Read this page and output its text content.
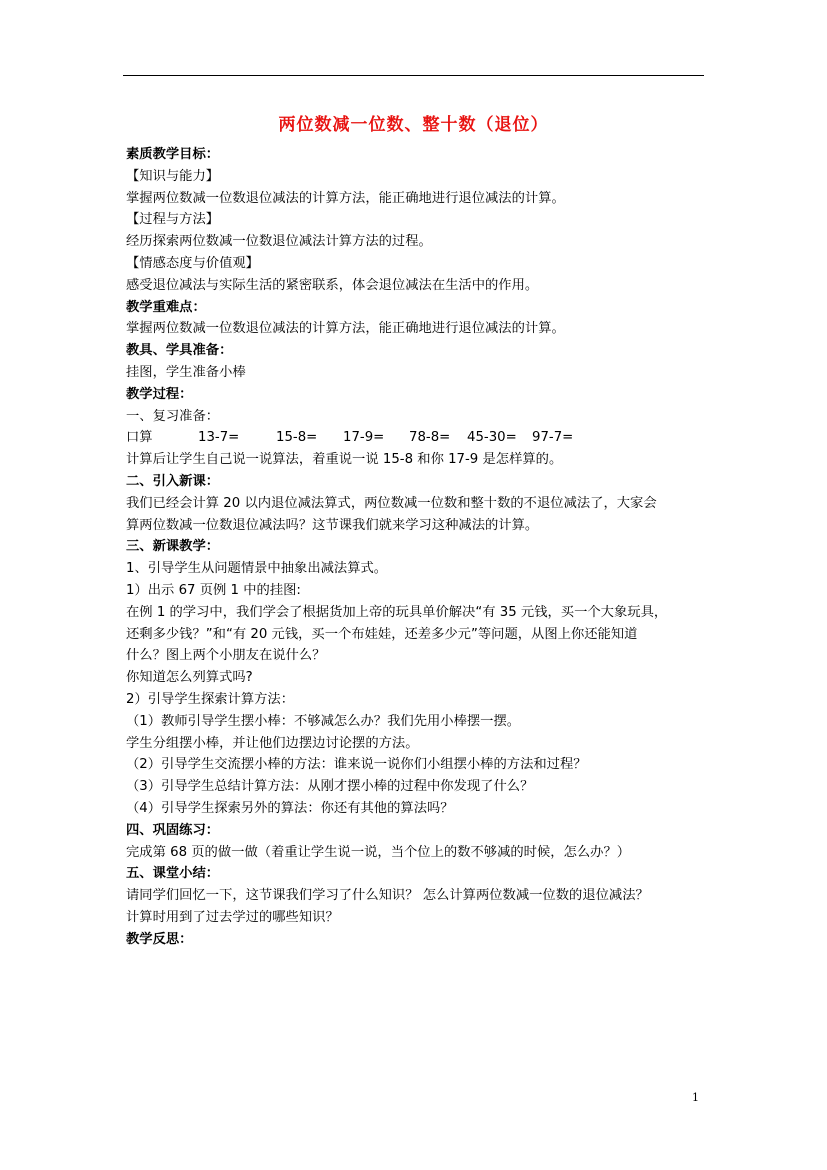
两位数减一位数、整十数（退位）
素质教学目标：
【知识与能力】
掌握两位数减一位数退位减法的计算方法，能正确地进行退位减法的计算。
【过程与方法】
经历探索两位数减一位数退位减法计算方法的过程。
【情感态度与价值观】
感受退位减法与实际生活的紧密联系，体会退位减法在生活中的作用。
教学重难点：
掌握两位数减一位数退位减法的计算方法，能正确地进行退位减法的计算。
教具、学具准备：
挂图，学生准备小棒
教学过程：
一、复习准备：
口算	13-7=	15-8=	17-9=	78-8=	45-30=	97-7=
计算后让学生自己说一说算法，着重说一说 15-8 和你 17-9 是怎样算的。
二、引入新课：
我们已经会计算 20 以内退位减法算式，两位数减一位数和整十数的不退位减法了，大家会
算两位数减一位数退位减法吗？这节课我们就来学习这种减法的计算。
三、新课教学：
1、引导学生从问题情景中抽象出减法算式。
1）出示 67 页例 1 中的挂图:
在例 1 的学习中，我们学会了根据货加上帝的玩具单价解决“有 35 元钱，买一个大象玩具，
还剩多少钱？”和“有 20 元钱，买一个布娃娃，还差多少元”等问题，从图上你还能知道
什么？图上两个小朋友在说什么？
你知道怎么列算式吗?
2）引导学生探索计算方法：
（1）教师引导学生摆小棒：不够减怎么办？我们先用小棒摆一摆。
学生分组摆小棒，并让他们边摆边讨论摆的方法。
（2）引导学生交流摆小棒的方法：谁来说一说你们小组摆小棒的方法和过程？
（3）引导学生总结计算方法：从刚才摆小棒的过程中你发现了什么？
（4）引导学生探索另外的算法：你还有其他的算法吗？
四、巩固练习：
完成第 68 页的做一做（着重让学生说一说，当个位上的数不够减的时候，怎么办？）
五、课堂小结：
请同学们回忆一下，这节课我们学习了什么知识？ 怎么计算两位数减一位数的退位减法？
计算时用到了过去学过的哪些知识？
教学反思：
1
